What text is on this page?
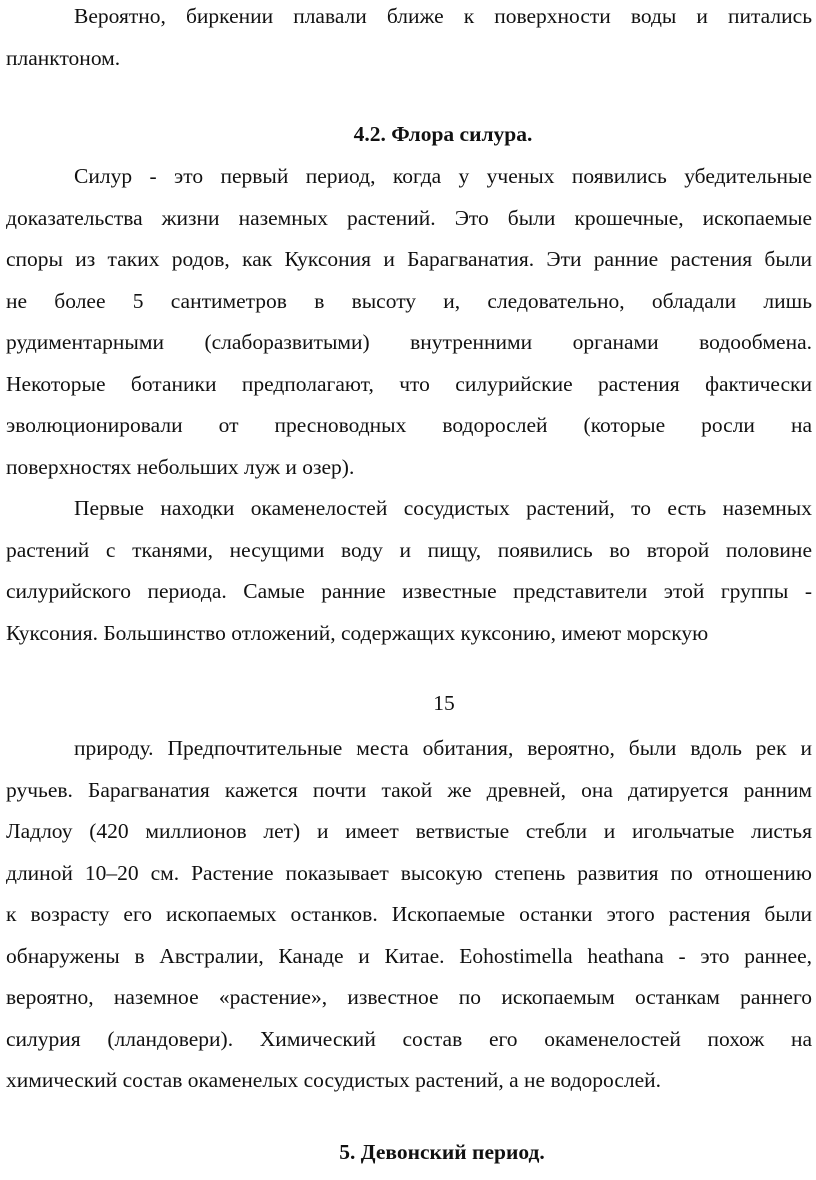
Вероятно, биркении плавали ближе к поверхности воды и питались
планктоном.
4.2. Флора силура.
Силур - это первый период, когда у ученых появились убедительные
доказательства жизни наземных растений. Это были крошечные, ископаемые
споры из таких родов, как Куксония и Барагванатия. Эти ранние растения были
не более 5 сантиметров в высоту и, следовательно, обладали лишь
рудиментарными (слаборазвитыми) внутренними органами водообмена.
Некоторые ботаники предполагают, что силурийские растения фактически
эволюционировали от пресноводных водорослей (которые росли на
поверхностях небольших луж и озер).
Первые находки окаменелостей сосудистых растений, то есть наземных
растений с тканями, несущими воду и пищу, появились во второй половине
силурийского периода. Самые ранние известные представители этой группы -
Куксония. Большинство отложений, содержащих куксонию, имеют морскую
15
природу. Предпочтительные места обитания, вероятно, были вдоль рек и
ручьев. Барагванатия кажется почти такой же древней, она датируется ранним
Ладлоу (420 миллионов лет) и имеет ветвистые стебли и игольчатые листья
длиной 10–20 см. Растение показывает высокую степень развития по отношению
к возрасту его ископаемых останков. Ископаемые останки этого растения были
обнаружены в Австралии, Канаде и Китае. Eohostimella heathana - это раннее,
вероятно, наземное «растение», известное по ископаемым останкам раннего
силурия (лландовери). Химический состав его окаменелостей похож на
химический состав окаменелых сосудистых растений, а не водорослей.
5. Девонский период.
